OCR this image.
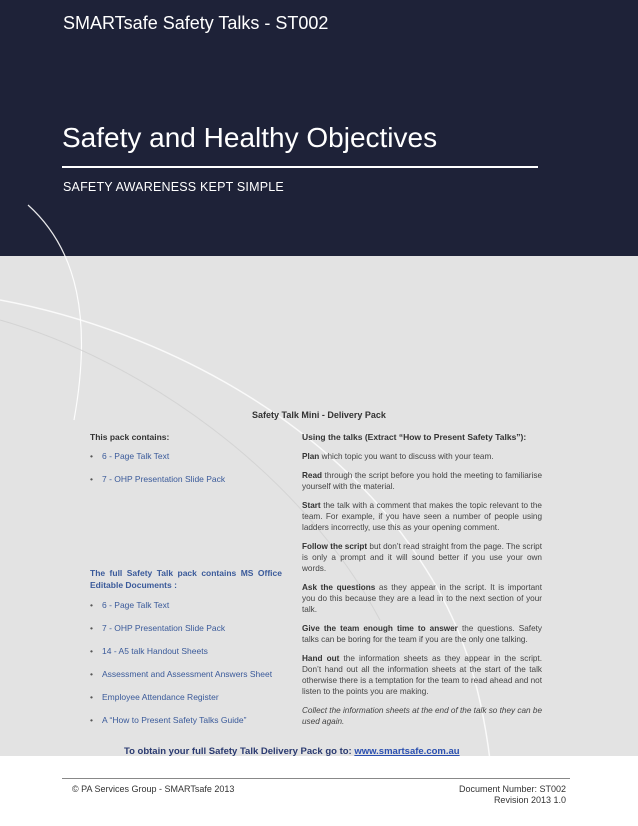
SMARTsafe Safety Talks - ST002
Safety and Healthy Objectives
SAFETY AWARENESS KEPT SIMPLE
Safety Talk Mini - Delivery Pack
This pack contains:
• 6 - Page Talk Text
• 7 - OHP Presentation Slide Pack
The full Safety Talk pack contains MS Office Editable Documents :
• 6 - Page Talk Text
• 7 - OHP Presentation Slide Pack
• 14 - A5 talk Handout Sheets
• Assessment and Assessment Answers Sheet
• Employee Attendance Register
• A “How to Present Safety Talks Guide”
Using the talks (Extract “How to Present Safety Talks”):

Plan which topic you want to discuss with your team.

Read through the script before you hold the meeting to familiarise yourself with the material.

Start the talk with a comment that makes the topic relevant to the team. For example, if you have seen a number of people using ladders incorrectly, use this as your opening comment.

Follow the script but don’t read straight from the page. The script is only a prompt and it will sound better if you use your own words.

Ask the questions as they appear in the script. It is important you do this because they are a lead in to the next section of your talk.

Give the team enough time to answer the questions. Safety talks can be boring for the team if you are the only one talking.

Hand out the information sheets as they appear in the script. Don’t hand out all the information sheets at the start of the talk otherwise there is a temptation for the team to read ahead and not listen to the points you are making.

Collect the information sheets at the end of the talk so they can be used again.

To obtain your full Safety Talk Delivery Pack go to: www.smartsafe.com.au
© PA Services Group - SMARTsafe 2013	Document Number: ST002
Revision 2013 1.0
